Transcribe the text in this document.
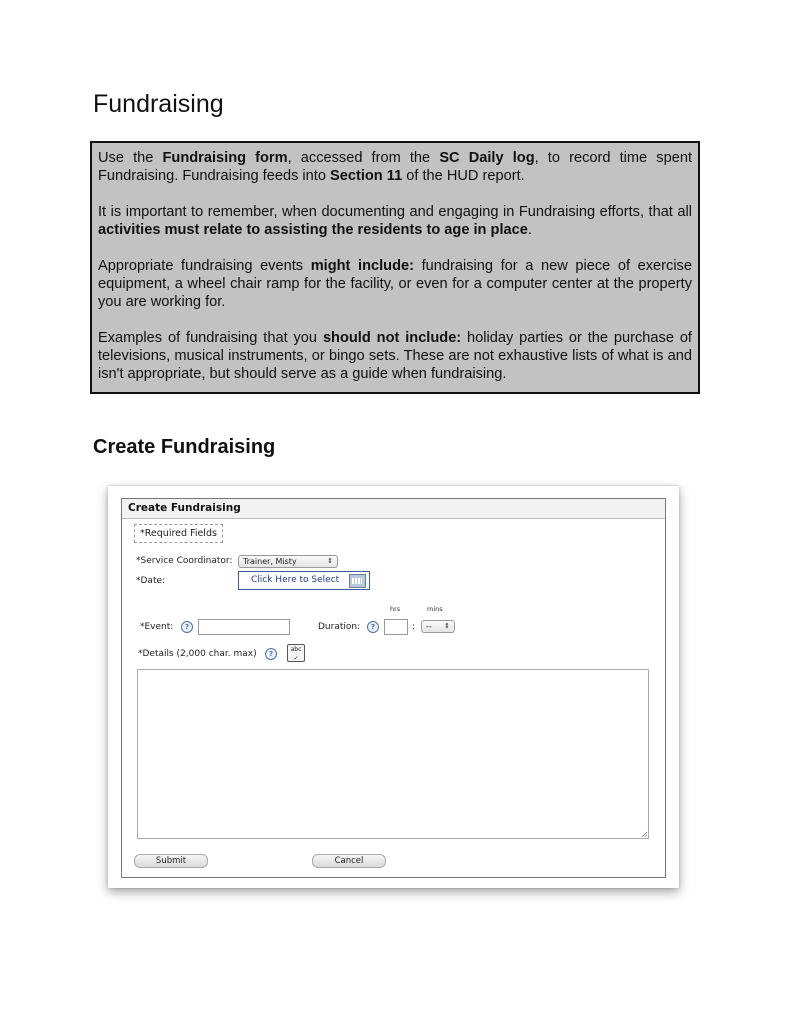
Fundraising

Use the Fundraising form, accessed from the SC Daily log, to record time spent Fundraising. Fundraising feeds into Section 11 of the HUD report.

It is important to remember, when documenting and engaging in Fundraising efforts, that all activities must relate to assisting the residents to age in place.

Appropriate fundraising events might include: fundraising for a new piece of exercise equipment, a wheel chair ramp for the facility, or even for a computer center at the property you are working for.

Examples of fundraising that you should not include: holiday parties or the purchase of televisions, musical instruments, or bingo sets. These are not exhaustive lists of what is and isn't appropriate, but should serve as a guide when fundraising.

Create Fundraising
Create Fundraising
*Required Fields
*Service Coordinator:	Trainer, Misty	⇕
*Date:	Click Here to Select
hrs	mins
*Event:	?	Duration:	?	:	-- ⇕
*Details (2,000 char. max)	?
abc
✓
Submit	Cancel
